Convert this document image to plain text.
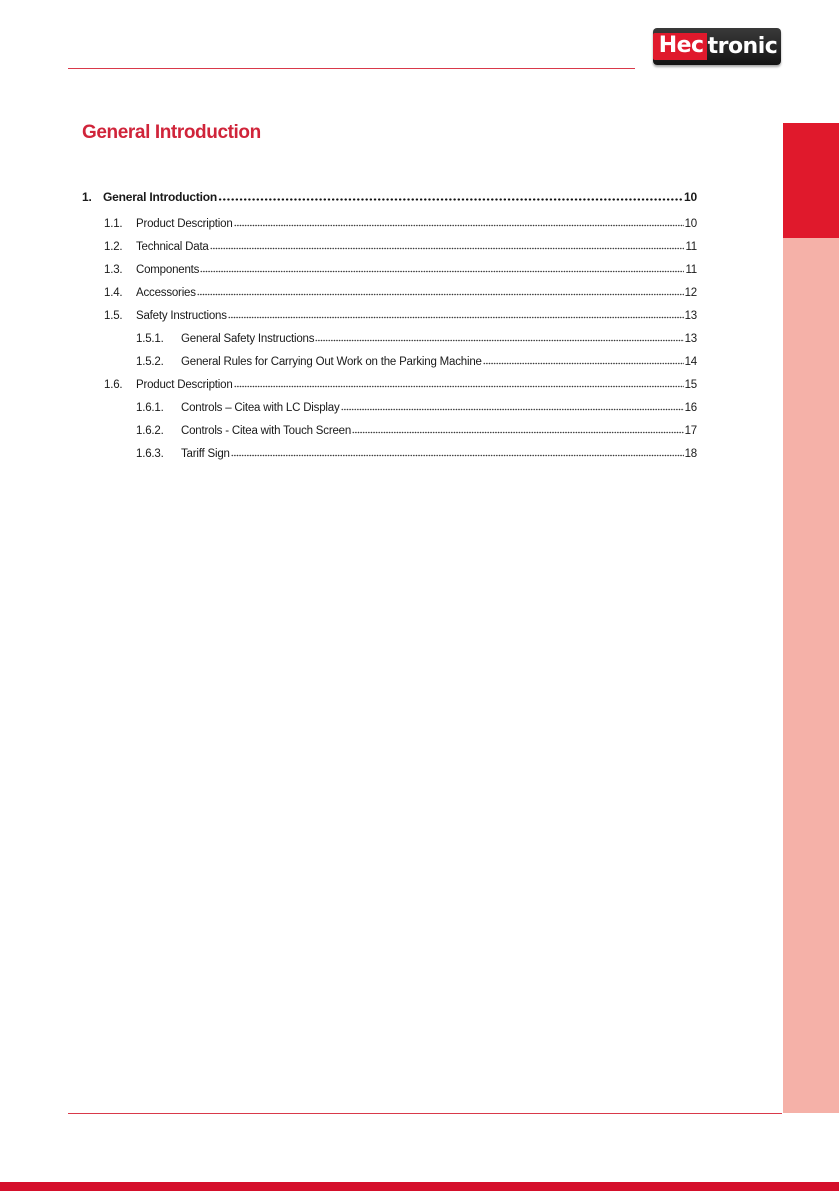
Hec tronic
General Introduction
1. General Introduction	10
1.1.	Product Description	10
1.2.	Technical Data	11
1.3.	Components	11
1.4.	Accessories	12
1.5.	Safety Instructions	13
1.5.1.	General Safety Instructions	13
1.5.2.	General Rules for Carrying Out Work on the Parking Machine	14
1.6.	Product Description	15
1.6.1.	Controls – Citea with LC Display	16
1.6.2.	Controls - Citea with Touch Screen	17
1.6.3.	Tariff Sign	18
